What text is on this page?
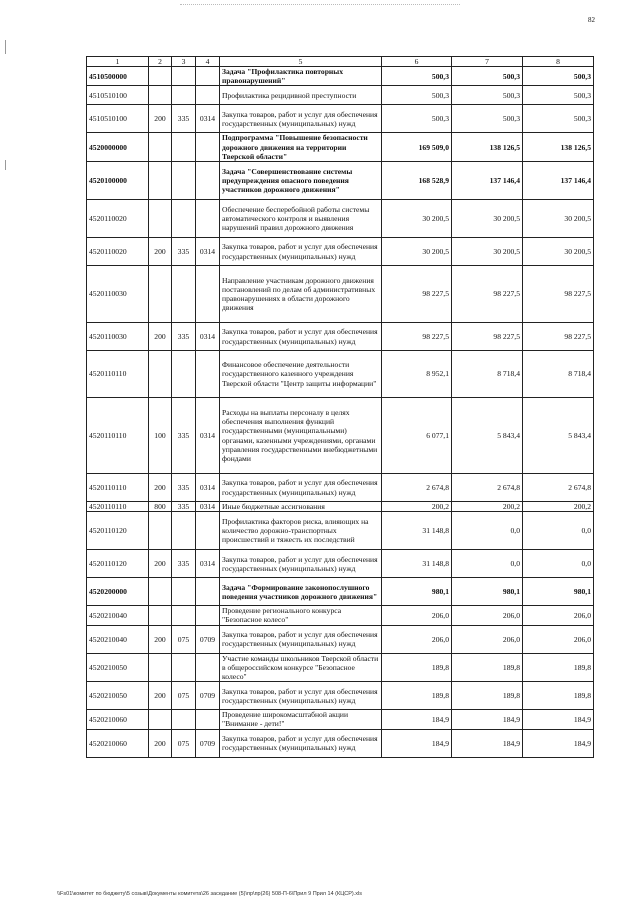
82
1	2	3	4	5	6	7	8
4510500000				Задача "Профилактика повторных правонарушений"	500,3	500,3	500,3
4510510100				Профилактика рецидивной преступности	500,3	500,3	500,3
4510510100	200	335	0314	Закупка товаров, работ и услуг для обеспечения государственных (муниципальных) нужд	500,3	500,3	500,3
4520000000				Подпрограмма "Повышение безопасности дорожного движения на территории Тверской области"	169 509,0	138 126,5	138 126,5
4520100000				Задача "Совершенствование системы предупреждения опасного поведения участников дорожного движения"	168 528,9	137 146,4	137 146,4
4520110020				Обеспечение бесперебойной работы системы автоматического контроля и выявления нарушений правил дорожного движения	30 200,5	30 200,5	30 200,5
4520110020	200	335	0314	Закупка товаров, работ и услуг для обеспечения государственных (муниципальных) нужд	30 200,5	30 200,5	30 200,5
4520110030				Направление участникам дорожного движения постановлений по делам об административных правонарушениях в области дорожного движения	98 227,5	98 227,5	98 227,5
4520110030	200	335	0314	Закупка товаров, работ и услуг для обеспечения государственных (муниципальных) нужд	98 227,5	98 227,5	98 227,5
4520110110				Финансовое обеспечение деятельности государственного казенного учреждения Тверской области "Центр защиты информации"	8 952,1	8 718,4	8 718,4
4520110110	100	335	0314	Расходы на выплаты персоналу в целях обеспечения выполнения функций государственными (муниципальными) органами, казенными учреждениями, органами управления государственными внебюджетными фондами	6 077,1	5 843,4	5 843,4
4520110110	200	335	0314	Закупка товаров, работ и услуг для обеспечения государственных (муниципальных) нужд	2 674,8	2 674,8	2 674,8
4520110110	800	335	0314	Иные бюджетные ассигнования	200,2	200,2	200,2
4520110120				Профилактика факторов риска, влияющих на количество дорожно-транспортных происшествий и тяжесть их последствий	31 148,8	0,0	0,0
4520110120	200	335	0314	Закупка товаров, работ и услуг для обеспечения государственных (муниципальных) нужд	31 148,8	0,0	0,0
4520200000				Задача "Формирование законопослушного поведения участников дорожного движения"	980,1	980,1	980,1
4520210040				Проведение регионального конкурса "Безопасное колесо"	206,0	206,0	206,0
4520210040	200	075	0709	Закупка товаров, работ и услуг для обеспечения государственных (муниципальных) нужд	206,0	206,0	206,0
4520210050				Участие команды школьников Тверской области в общероссийском конкурсе "Безопасное колесо"	189,8	189,8	189,8
4520210050	200	075	0709	Закупка товаров, работ и услуг для обеспечения государственных (муниципальных) нужд	189,8	189,8	189,8
4520210060				Проведение широкомасштабной акции "Внимание - дети!"	184,9	184,9	184,9
4520210060	200	075	0709	Закупка товаров, работ и услуг для обеспечения государственных (муниципальных) нужд	184,9	184,9	184,9
\\Fs01\комитет по бюджету\5 созыв\Документы комитета\26 заседание (5)\пр\пр(26) 508-П-6\Прил 9 Прил 14 (КЦСР).xls
